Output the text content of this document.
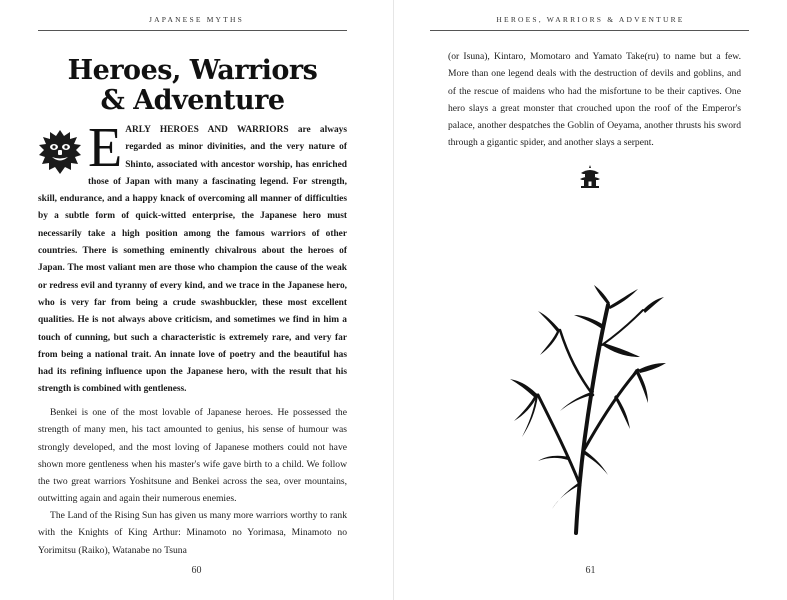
JAPANESE MYTHS
Heroes, Warriors
& Adventure

EARLY HEROES AND WARRIORS are always regarded as minor divinities, and the very nature of Shinto, associated with ancestor worship, has enriched those of Japan with many a fascinating legend. For strength, skill, endurance, and a happy knack of overcoming all manner of difficulties by a subtle form of quick-witted enterprise, the Japanese hero must necessarily take a high position among the famous warriors of other countries. There is something eminently chivalrous about the heroes of Japan. The most valiant men are those who champion the cause of the weak or redress evil and tyranny of every kind, and we trace in the Japanese hero, who is very far from being a crude swashbuckler, these most excellent qualities. He is not always above criticism, and sometimes we find in him a touch of cunning, but such a characteristic is extremely rare, and very far from being a national trait. An innate love of poetry and the beautiful has had its refining influence upon the Japanese hero, with the result that his strength is combined with gentleness.

Benkei is one of the most lovable of Japanese heroes. He possessed the strength of many men, his tact amounted to genius, his sense of humour was strongly developed, and the most loving of Japanese mothers could not have shown more gentleness when his master's wife gave birth to a child. We follow the two great warriors Yoshitsune and Benkei across the sea, over mountains, outwitting again and again their numerous enemies.

The Land of the Rising Sun has given us many more warriors worthy to rank with the Knights of King Arthur: Minamoto no Yorimasa, Minamoto no Yorimitsu (Raiko), Watanabe no Tsuna

60
HEROES, WARRIORS & ADVENTURE

(or Isuna), Kintaro, Momotaro and Yamato Take(ru) to name but a few. More than one legend deals with the destruction of devils and goblins, and of the rescue of maidens who had the misfortune to be their captives. One hero slays a great monster that crouched upon the roof of the Emperor's palace, another despatches the Goblin of Oeyama, another thrusts his sword through a gigantic spider, and another slays a serpent.

61
